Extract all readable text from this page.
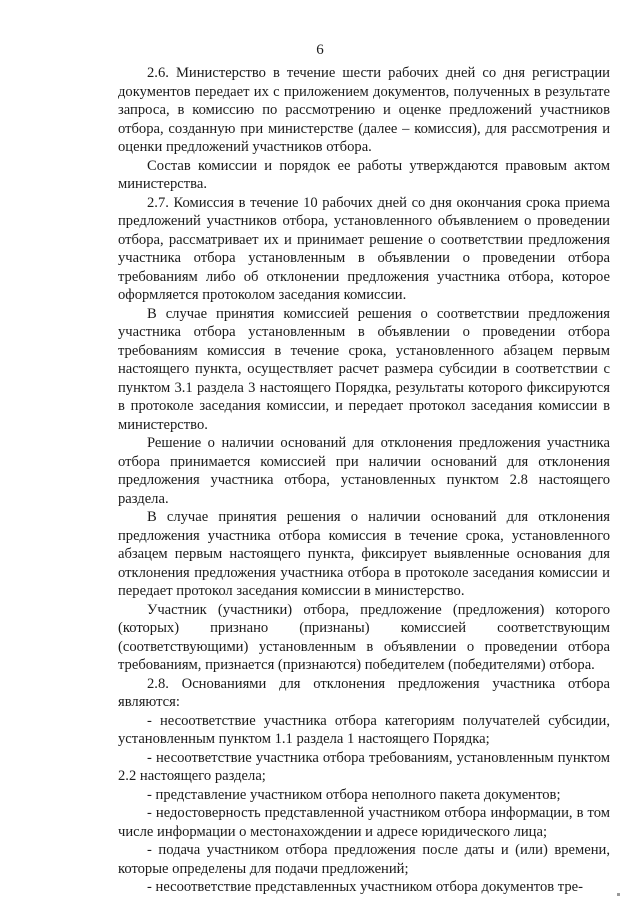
6

2.6. Министерство в течение шести рабочих дней со дня регистрации документов передает их с приложением документов, полученных в результате запроса, в комиссию по рассмотрению и оценке предложений участников отбора, созданную при министерстве (далее – комиссия), для рассмотрения и оценки предложений участников отбора.

Состав комиссии и порядок ее работы утверждаются правовым актом министерства.

2.7. Комиссия в течение 10 рабочих дней со дня окончания срока приема предложений участников отбора, установленного объявлением о проведении отбора, рассматривает их и принимает решение о соответствии предложения участника отбора установленным в объявлении о проведении отбора требованиям либо об отклонении предложения участника отбора, которое оформляется протоколом заседания комиссии.

В случае принятия комиссией решения о соответствии предложения участника отбора установленным в объявлении о проведении отбора требованиям комиссия в течение срока, установленного абзацем первым настоящего пункта, осуществляет расчет размера субсидии в соответствии с пунктом 3.1 раздела 3 настоящего Порядка, результаты которого фиксируются в протоколе заседания комиссии, и передает протокол заседания комиссии в министерство.

Решение о наличии оснований для отклонения предложения участника отбора принимается комиссией при наличии оснований для отклонения предложения участника отбора, установленных пунктом 2.8 настоящего раздела.

В случае принятия решения о наличии оснований для отклонения предложения участника отбора комиссия в течение срока, установленного абзацем первым настоящего пункта, фиксирует выявленные основания для отклонения предложения участника отбора в протоколе заседания комиссии и передает протокол заседания комиссии в министерство.

Участник (участники) отбора, предложение (предложения) которого (которых) признано (признаны) комиссией соответствующим (соответствующими) установленным в объявлении о проведении отбора требованиям, признается (признаются) победителем (победителями) отбора.

2.8. Основаниями для отклонения предложения участника отбора являются:

- несоответствие участника отбора категориям получателей субсидии, установленным пунктом 1.1 раздела 1 настоящего Порядка;

- несоответствие участника отбора требованиям, установленным пунктом 2.2 настоящего раздела;

- представление участником отбора неполного пакета документов;

- недостоверность представленной участником отбора информации, в том числе информации о местонахождении и адресе юридического лица;

- подача участником отбора предложения после даты и (или) времени, которые определены для подачи предложений;

- несоответствие представленных участником отбора документов тре-
